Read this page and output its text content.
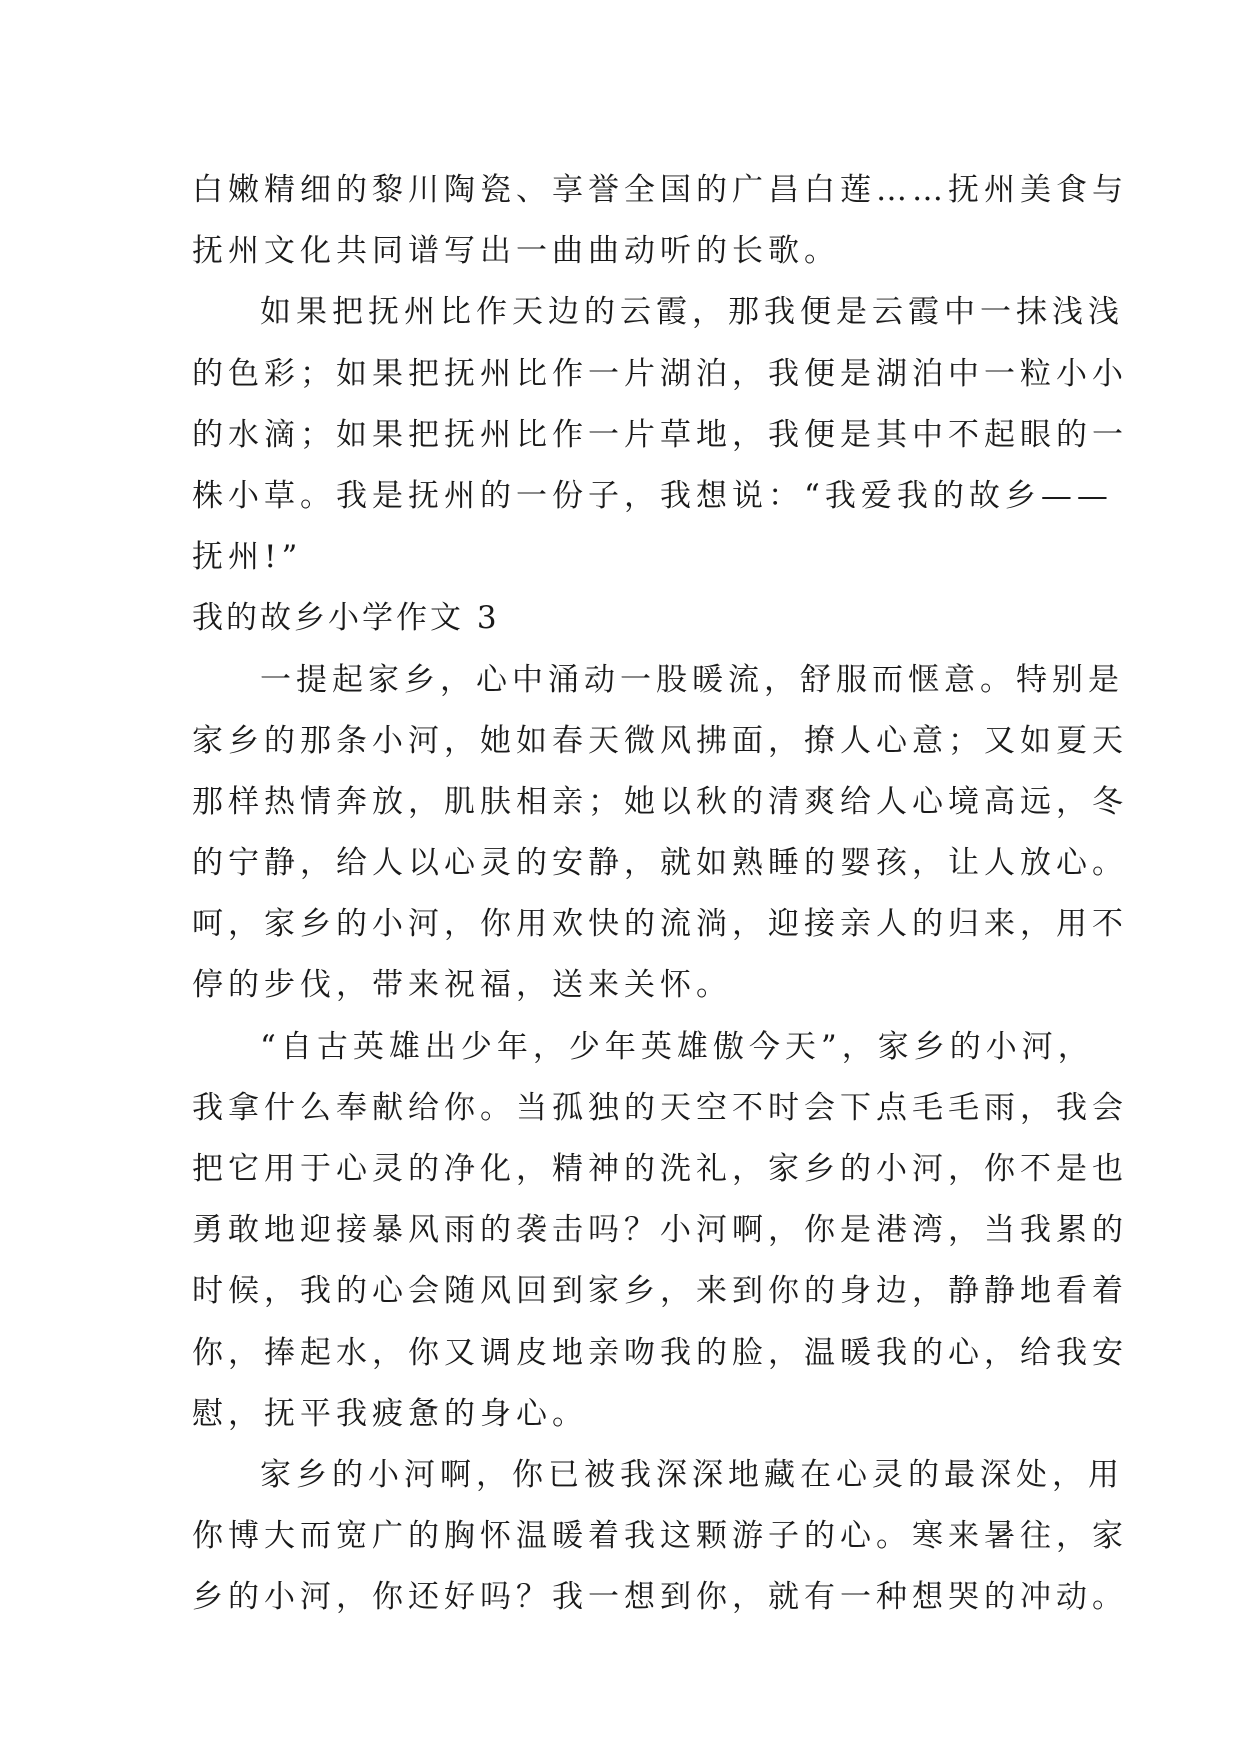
白嫩精细的黎川陶瓷、享誉全国的广昌白莲……抚州美食与
抚州文化共同谱写出一曲曲动听的长歌。
如果把抚州比作天边的云霞，那我便是云霞中一抹浅浅
的色彩；如果把抚州比作一片湖泊，我便是湖泊中一粒小小
的水滴；如果把抚州比作一片草地，我便是其中不起眼的一
株小草。我是抚州的一份子，我想说：“我爱我的故乡——
抚州!”
我的故乡小学作文 3
一提起家乡，心中涌动一股暖流，舒服而惬意。特别是
家乡的那条小河，她如春天微风拂面，撩人心意；又如夏天
那样热情奔放，肌肤相亲；她以秋的清爽给人心境高远，冬
的宁静，给人以心灵的安静，就如熟睡的婴孩，让人放心。
呵，家乡的小河，你用欢快的流淌，迎接亲人的归来，用不
停的步伐，带来祝福，送来关怀。
“自古英雄出少年，少年英雄傲今天”，家乡的小河，
我拿什么奉献给你。当孤独的天空不时会下点毛毛雨，我会
把它用于心灵的净化，精神的洗礼，家乡的小河，你不是也
勇敢地迎接暴风雨的袭击吗？小河啊，你是港湾，当我累的
时候，我的心会随风回到家乡，来到你的身边，静静地看着
你，捧起水，你又调皮地亲吻我的脸，温暖我的心，给我安
慰，抚平我疲惫的身心。
家乡的小河啊，你已被我深深地藏在心灵的最深处，用
你博大而宽广的胸怀温暖着我这颗游子的心。寒来暑往，家
乡的小河，你还好吗？我一想到你，就有一种想哭的冲动。
